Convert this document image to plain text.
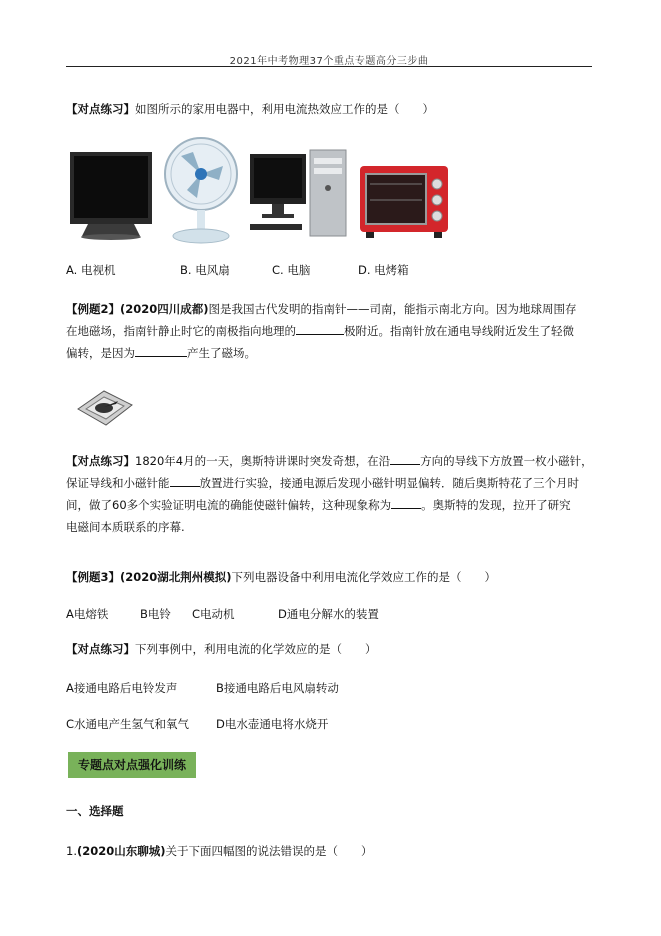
2021年中考物理37个重点专题高分三步曲

【对点练习】如图所示的家用电器中，利用电流热效应工作的是（　　）

A. 电视机	B. 电风扇	C. 电脑	D. 电烤箱

【例题2】(2020四川成都)图是我国古代发明的指南针——司南，能指示南北方向。因为地球周围存
在地磁场，指南针静止时它的南极指向地理的	极附近。指南针放在通电导线附近发生了轻微
偏转，是因为	产生了磁场。

【对点练习】1820年4月的一天，奥斯特讲课时突发奇想，在沿	方向的导线下方放置一枚小磁针，
保证导线和小磁针能	放置进行实验，接通电源后发现小磁针明显偏转．随后奥斯特花了三个月时
间，做了60多个实验证明电流的确能使磁针偏转，这种现象称为	。奥斯特的发现，拉开了研究
电磁间本质联系的序幕.

【例题3】(2020湖北荆州模拟)下列电器设备中利用电流化学效应工作的是（　　）

A电熔铁	B电铃 C电动机	D通电分解水的装置

【对点练习】下列事例中，利用电流的化学效应的是（　　）

A接通电路后电铃发声	B接通电路后电风扇转动
C水通电产生氢气和氧气 D电水壶通电将水烧开
专题点对点强化训练
一、选择题

1.(2020山东聊城)关于下面四幅图的说法错误的是（　　）
